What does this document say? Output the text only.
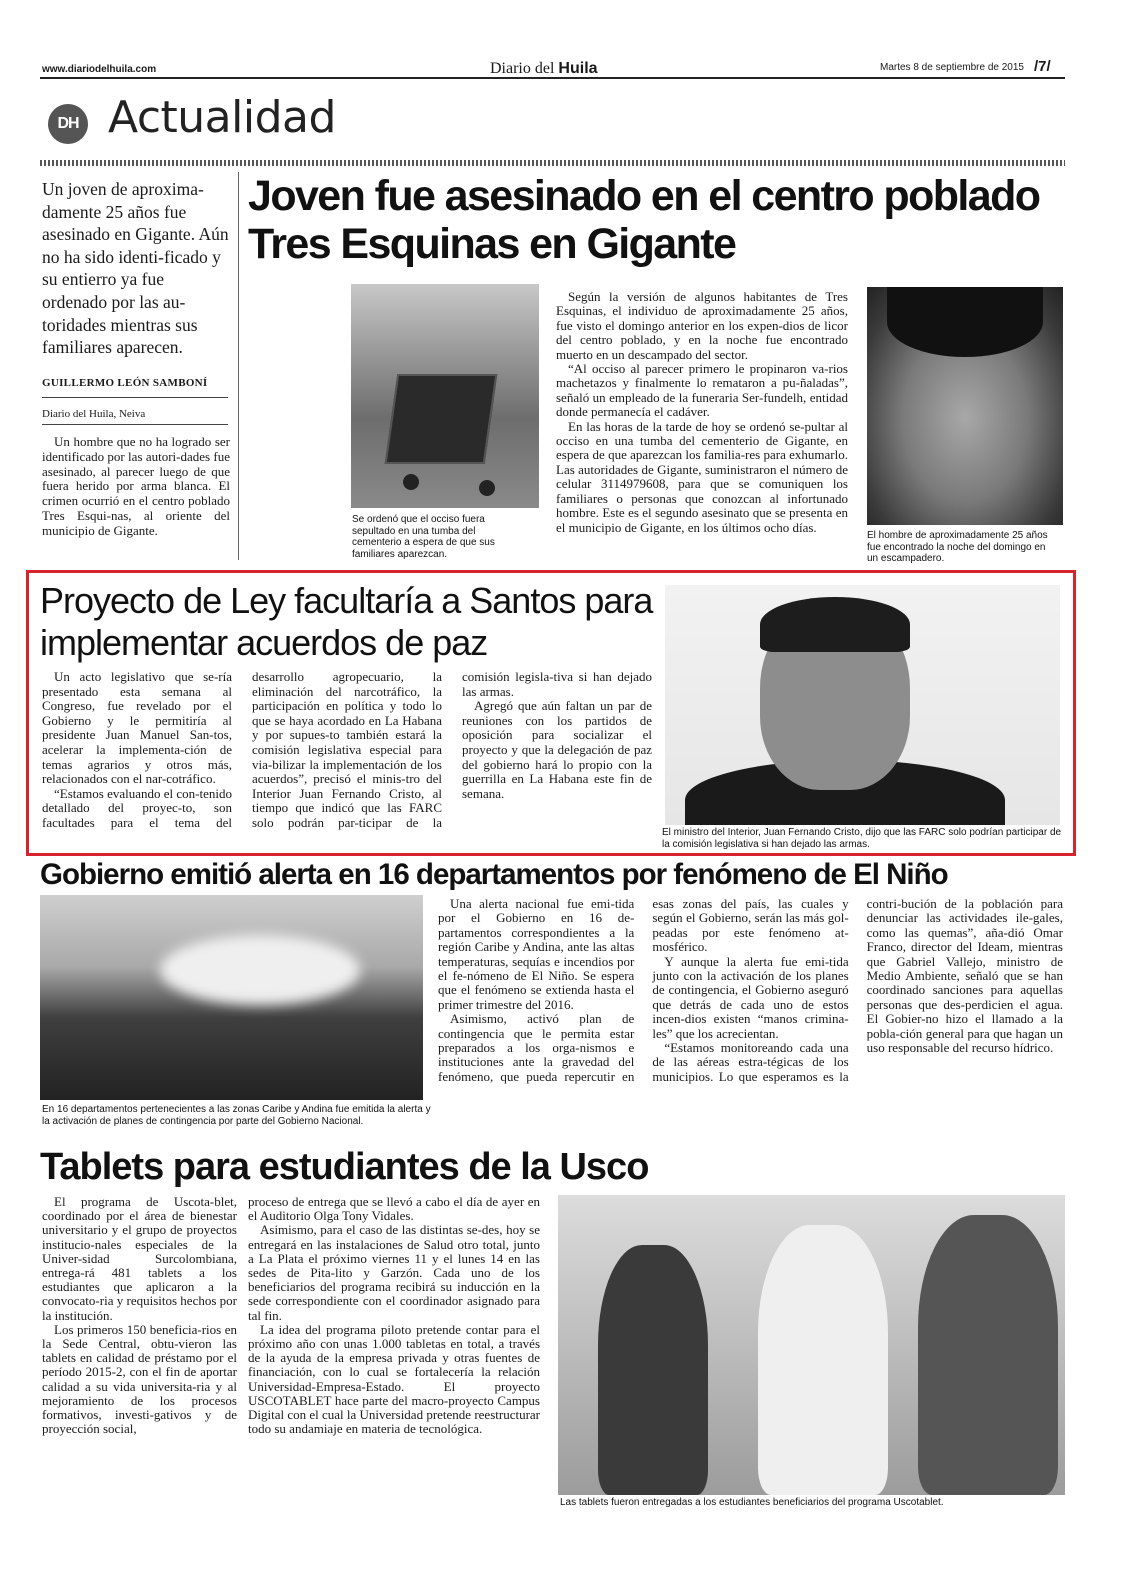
www.diariodelhuila.com	Diario del Huila	Martes 8 de septiembre de 2015 /7/
DH Actualidad
Un joven de aproxima-damente 25 años fue asesinado en Gigante. Aún no ha sido identi-ficado y su entierro ya fue ordenado por las au-toridades mientras sus familiares aparecen.
GUILLERMO LEÓN SAMBONÍ
Diario del Huila, Neiva

Un hombre que no ha logrado ser identificado por las autori-dades fue asesinado, al parecer luego de que fuera herido por arma blanca. El crimen ocurrió en el centro poblado Tres Esqui-nas, al oriente del municipio de Gigante.

Joven fue asesinado en el centro poblado Tres Esquinas en Gigante
Se ordenó que el occiso fuera sepultado en una tumba del cementerio a espera de que sus familiares aparezcan.

Según la versión de algunos habitantes de Tres Esquinas, el individuo de aproximadamente 25 años, fue visto el domingo anterior en los expen-dios de licor del centro poblado, y en la noche fue encontrado muerto en un descampado del sector.

“Al occiso al parecer primero le propinaron va-rios machetazos y finalmente lo remataron a pu-ñaladas”, señaló un empleado de la funeraria Ser-fundelh, entidad donde permanecía el cadáver.

En las horas de la tarde de hoy se ordenó se-pultar al occiso en una tumba del cementerio de Gigante, en espera de que aparezcan los familia-res para exhumarlo. Las autoridades de Gigante, suministraron el número de celular 3114979608, para que se comuniquen los familiares o personas que conozcan al infortunado hombre. Este es el segundo asesinato que se presenta en el municipio de Gigante, en los últimos ocho días.

El hombre de aproximadamente 25 años fue encontrado la noche del domingo en un escampadero.
Proyecto de Ley facultaría a Santos para implementar acuerdos de paz

Un acto legislativo que se-ría presentado esta semana al Congreso, fue revelado por el Gobierno y le permitiría al presidente Juan Manuel San-tos, acelerar la implementa-ción de temas agrarios y otros más, relacionados con el nar-cotráfico.

“Estamos evaluando el con-tenido detallado del proyec-to, son facultades para el tema del desarrollo agropecuario, la eliminación del narcotráfico, la participación en política y todo lo que se haya acordado en La Habana y por supues-to también estará la comisión legislativa especial para via-bilizar la implementación de los acuerdos”, precisó el minis-tro del Interior Juan Fernando Cristo, al tiempo que indicó que las FARC solo podrán par-ticipar de la comisión legisla-tiva si han dejado las armas.

Agregó que aún faltan un par de reuniones con los partidos de oposición para socializar el proyecto y que la delegación de paz del gobierno hará lo propio con la guerrilla en La Habana este fin de semana.

El ministro del Interior, Juan Fernando Cristo, dijo que las FARC solo podrían participar de la comisión legislativa si han dejado las armas.
Gobierno emitió alerta en 16 departamentos por fenómeno de El Niño
En 16 departamentos pertenecientes a las zonas Caribe y Andina fue emitida la alerta y la activación de planes de contingencia por parte del Gobierno Nacional.

Una alerta nacional fue emi-tida por el Gobierno en 16 de-partamentos correspondientes a la región Caribe y Andina, ante las altas temperaturas, sequías e incendios por el fe-nómeno de El Niño. Se espera que el fenómeno se extienda hasta el primer trimestre del 2016.

Asimismo, activó plan de contingencia que le permita estar preparados a los orga-nismos e instituciones ante la gravedad del fenómeno, que pueda repercutir en esas zonas del país, las cuales y según el Gobierno, serán las más gol-peadas por este fenómeno at-mosférico.

Y aunque la alerta fue emi-tida junto con la activación de los planes de contingencia, el Gobierno aseguró que detrás de cada uno de estos incen-dios existen “manos crimina-les” que los acrecientan.

“Estamos monitoreando cada una de las aéreas estra-tégicas de los municipios. Lo que esperamos es la contri-bución de la población para denunciar las actividades ile-gales, como las quemas”, aña-dió Omar Franco, director del Ideam, mientras que Gabriel Vallejo, ministro de Medio Ambiente, señaló que se han coordinado sanciones para aquellas personas que des-perdicien el agua. El Gobier-no hizo el llamado a la pobla-ción general para que hagan un uso responsable del recurso hídrico.

Tablets para estudiantes de la Usco

El programa de Uscota-blet, coordinado por el área de bienestar universitario y el grupo de proyectos institucio-nales especiales de la Univer-sidad Surcolombiana, entrega-rá 481 tablets a los estudiantes que aplicaron a la convocato-ria y requisitos hechos por la institución.

Los primeros 150 beneficia-rios en la Sede Central, obtu-vieron las tablets en calidad de préstamo por el período 2015-2, con el fin de aportar calidad a su vida universita-ria y al mejoramiento de los procesos formativos, investi-gativos y de proyección social,

proceso de entrega que se llevó a cabo el día de ayer en el Auditorio Olga Tony Vidales.

Asimismo, para el caso de las distintas se-des, hoy se entregará en las instalaciones de Salud otro total, junto a La Plata el próximo viernes 11 y el lunes 14 en las sedes de Pita-lito y Garzón. Cada uno de los beneficiarios del programa recibirá su inducción en la sede correspondiente con el coordinador asignado para tal fin.

La idea del programa piloto pretende contar para el próximo año con unas 1.000 tabletas en total, a través de la ayuda de la empresa privada y otras fuentes de financiación, con lo cual se fortalecería la relación Universidad-Empresa-Estado. El proyecto USCOTABLET hace parte del macro-proyecto Campus Digital con el cual la Universidad pretende reestructurar todo su andamiaje en materia de tecnológica.

Las tablets fueron entregadas a los estudiantes beneficiarios del programa Uscotablet.
